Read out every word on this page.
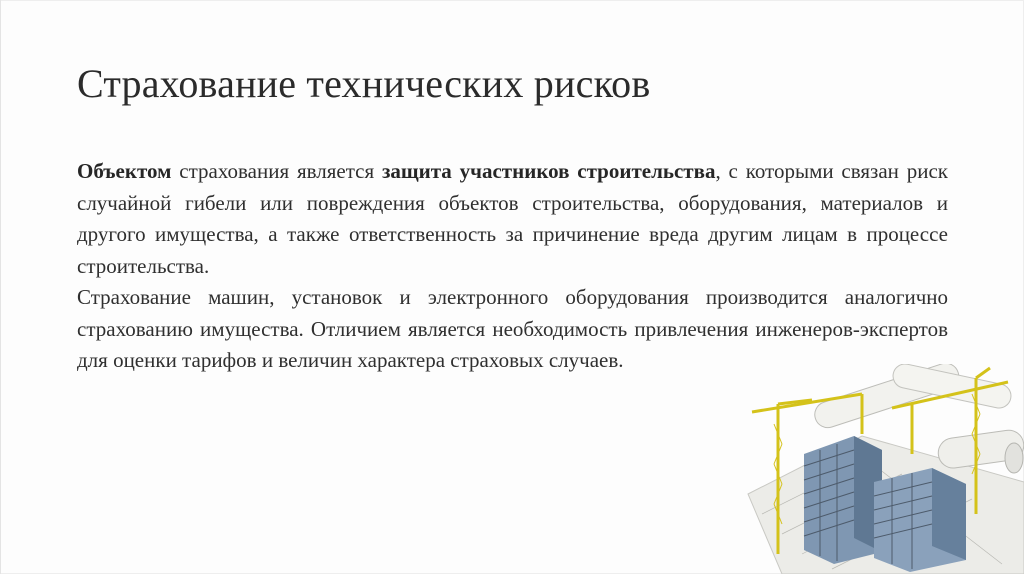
Страхование технических рисков

Объектом страхования является защита участников строительства, с которыми связан риск случайной гибели или повреждения объектов строительства, оборудования, материалов и другого имущества, а также ответственность за причинение вреда другим лицам в процессе строительства.

Страхование машин, установок и электронного оборудования производится аналогично страхованию имущества. Отличием является необходимость привлечения инженеров-экспертов для оценки тарифов и величин характера страховых случаев.
